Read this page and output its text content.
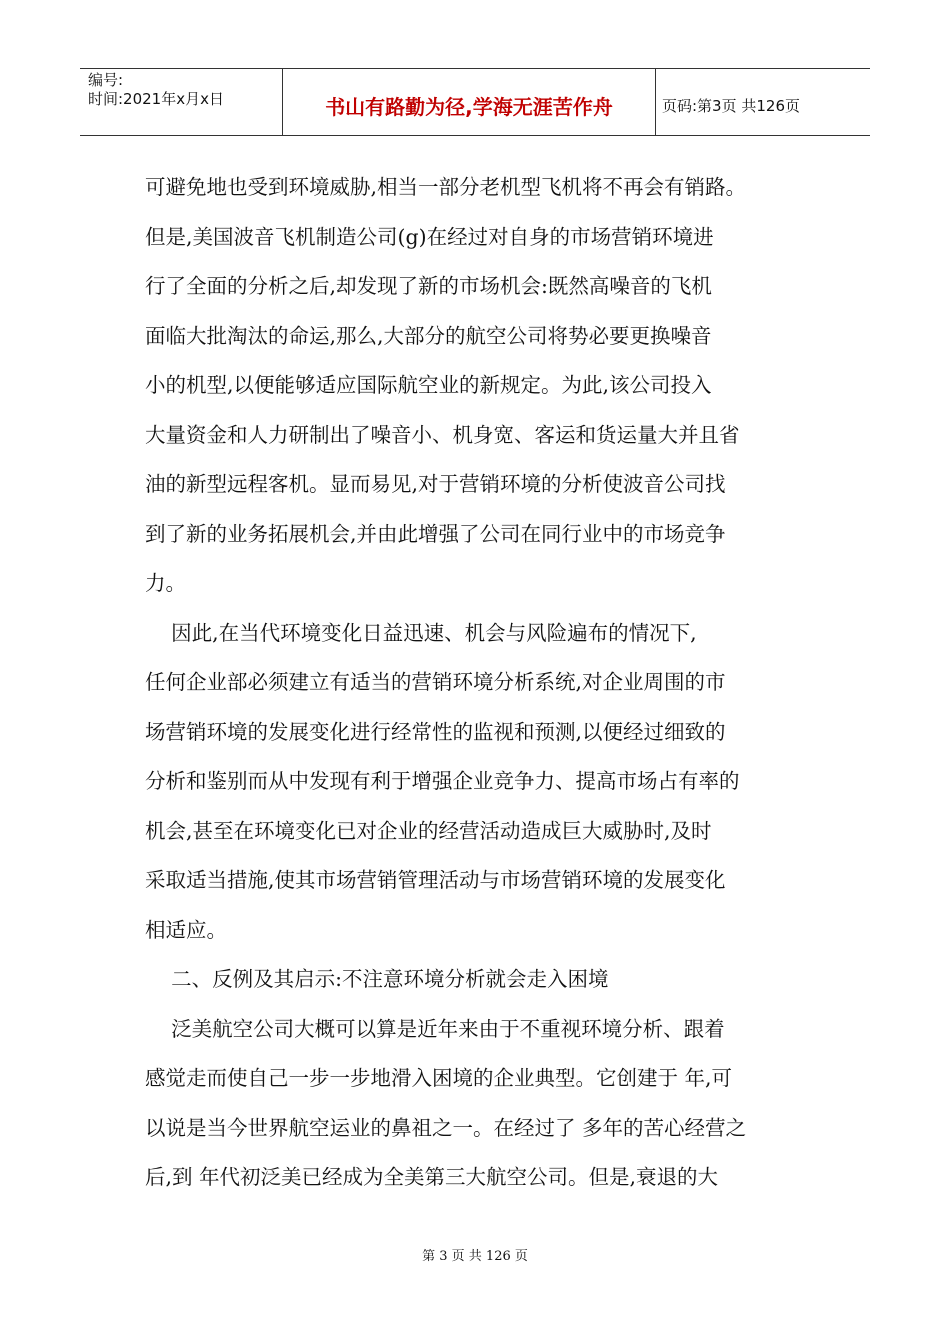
编号:
时间:2021年x月x日	书山有路勤为径,学海无涯苦作舟	页码:第3页 共126页
可避免地也受到环境威胁,相当一部分老机型飞机将不再会有销路。
但是,美国波音飞机制造公司(g)在经过对自身的市场营销环境进
行了全面的分析之后,却发现了新的市场机会:既然高噪音的飞机
面临大批淘汰的命运,那么,大部分的航空公司将势必要更换噪音
小的机型,以便能够适应国际航空业的新规定。为此,该公司投入
大量资金和人力研制出了噪音小、机身宽、客运和货运量大并且省
油的新型远程客机。显而易见,对于营销环境的分析使波音公司找
到了新的业务拓展机会,并由此增强了公司在同行业中的市场竞争
力。
因此,在当代环境变化日益迅速、机会与风险遍布的情况下,
任何企业部必须建立有适当的营销环境分析系统,对企业周围的市
场营销环境的发展变化进行经常性的监视和预测,以便经过细致的
分析和鉴别而从中发现有利于增强企业竞争力、提高市场占有率的
机会,甚至在环境变化已对企业的经营活动造成巨大威胁时,及时
采取适当措施,使其市场营销管理活动与市场营销环境的发展变化
相适应。
二、反例及其启示:不注意环境分析就会走入困境
泛美航空公司大概可以算是近年来由于不重视环境分析、跟着
感觉走而使自己一步一步地滑入困境的企业典型。它创建于 年,可
以说是当今世界航空运业的鼻祖之一。在经过了 多年的苦心经营之
后,到 年代初泛美已经成为全美第三大航空公司。但是,衰退的大
第 3 页 共 126 页
